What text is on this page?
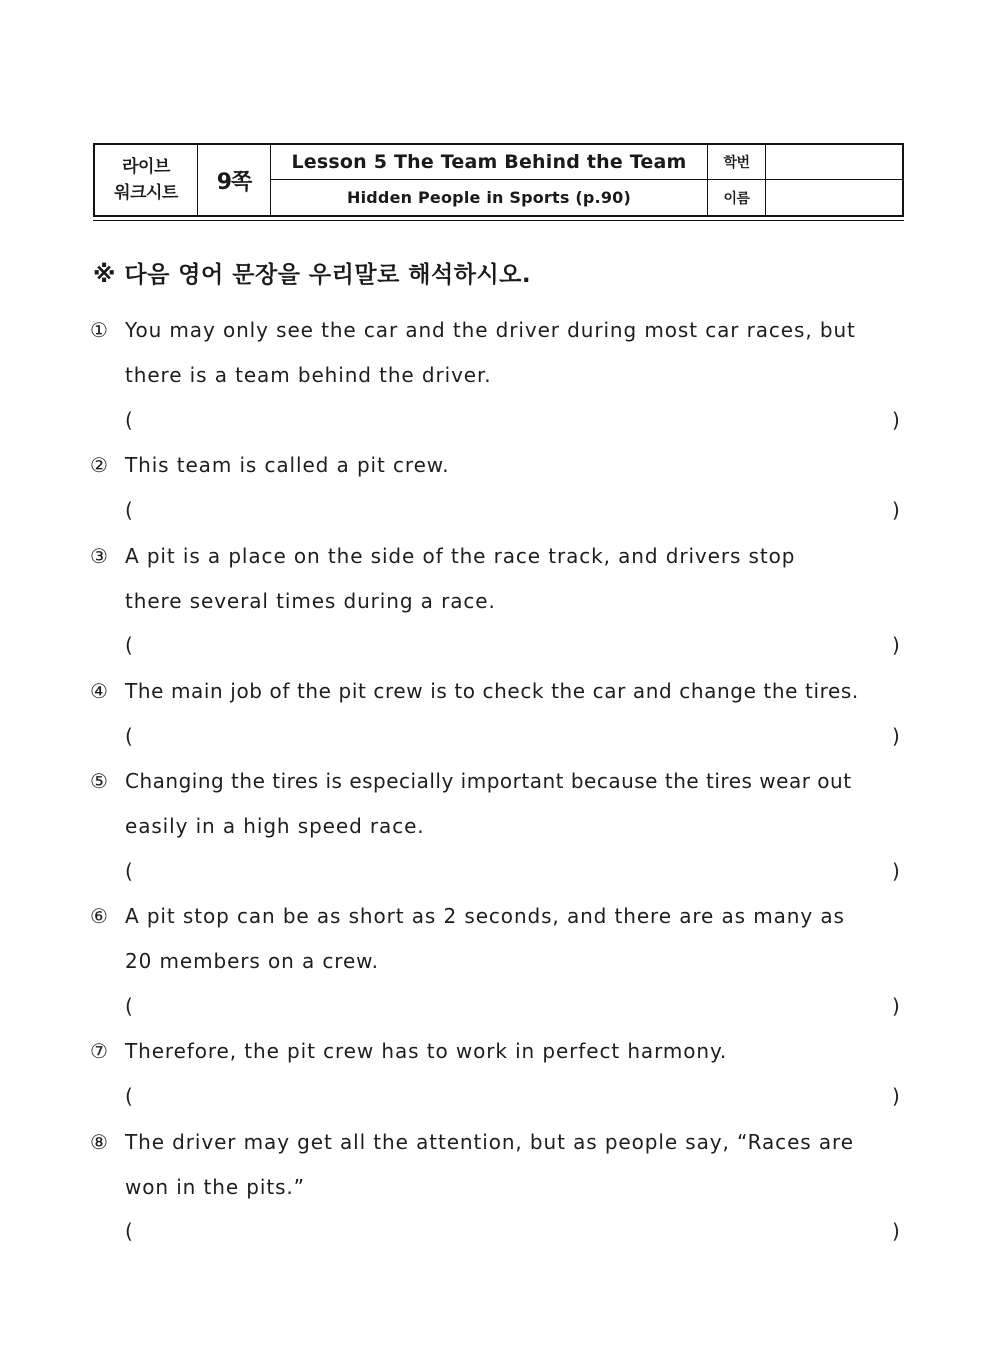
라이브
워크시트	9쪽
Lesson 5 The Team Behind the Team	학번
Hidden People in Sports (p.90)	이름
※ 다음 영어 문장을 우리말로 해석하시오.
① You may only see the car and the driver during most car races, but
there is a team behind the driver.
(	)
② This team is called a pit crew.
(	)
③ A pit is a place on the side of the race track, and drivers stop
there several times during a race.
(	)
④ The main job of the pit crew is to check the car and change the tires.
(	)
⑤ Changing the tires is especially important because the tires wear out
easily in a high speed race.
(	)
⑥ A pit stop can be as short as 2 seconds, and there are as many as
20 members on a crew.
(	)
⑦ Therefore, the pit crew has to work in perfect harmony.
(	)
⑧ The driver may get all the attention, but as people say, “Races are
won in the pits.”
(	)
